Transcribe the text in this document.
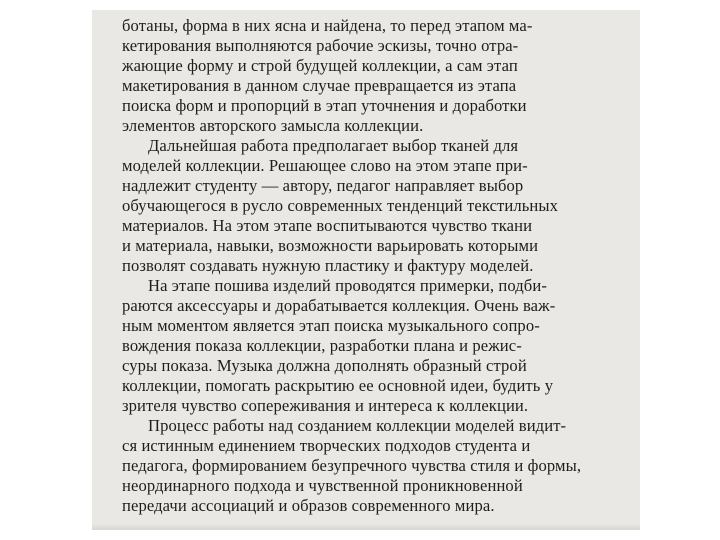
ботаны, форма в них ясна и найдена, то перед этапом ма-
кетирования выполняются рабочие эскизы, точно отра-
жающие форму и строй будущей коллекции, а сам этап
макетирования в данном случае превращается из этапа
поиска форм и пропорций в этап уточнения и доработки
элементов авторского замысла коллекции.
Дальнейшая работа предполагает выбор тканей для
моделей коллекции. Решающее слово на этом этапе при-
надлежит студенту — автору, педагог направляет выбор
обучающегося в русло современных тенденций текстильных
материалов. На этом этапе воспитываются чувство ткани
и материала, навыки, возможности варьировать которыми
позволят создавать нужную пластику и фактуру моделей.
На этапе пошива изделий проводятся примерки, подби-
раются аксессуары и дорабатывается коллекция. Очень важ-
ным моментом является этап поиска музыкального сопро-
вождения показа коллекции, разработки плана и режис-
суры показа. Музыка должна дополнять образный строй
коллекции, помогать раскрытию ее основной идеи, будить у
зрителя чувство сопереживания и интереса к коллекции.
Процесс работы над созданием коллекции моделей видит-
ся истинным единением творческих подходов студента и
педагога, формированием безупречного чувства стиля и формы,
неординарного подхода и чувственной проникновенной
передачи ассоциаций и образов современного мира.
